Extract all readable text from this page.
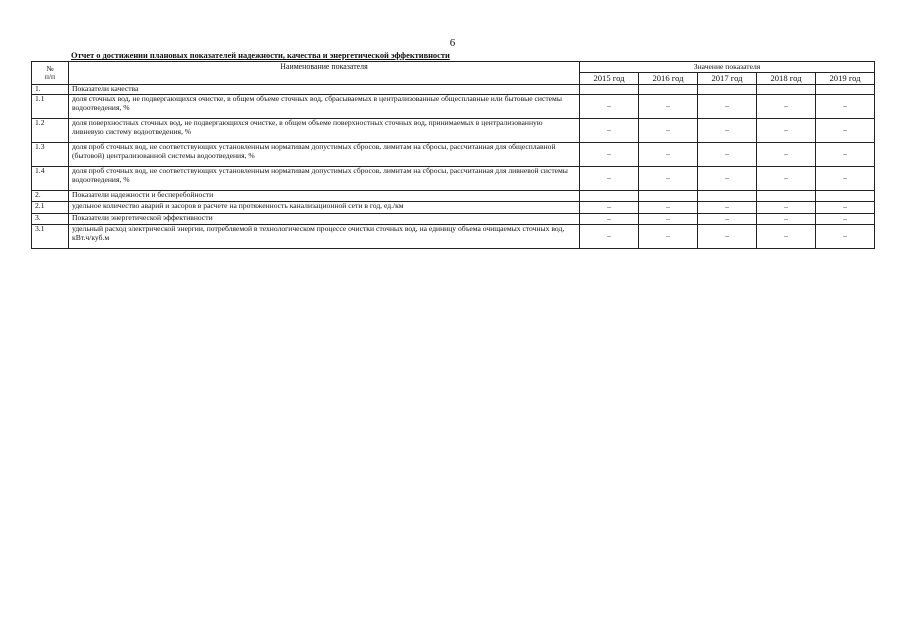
6
Отчет о достижении плановых показателей надежности, качества и энергетической эффективности
№
п/п	Наименование показателя	Значение показателя				
		2015 год	2016 год	2017 год	2018 год	2019 год
1.	Показатели качества					
1.1	доля сточных вод, не подвергающихся очистке, в общем объеме сточных вод, сбрасываемых в централизованные общесплавные или бытовые системы водоотведения, %	–	–	–	–	–
1.2	доля поверхностных сточных вод, не подвергающихся очистке, в общем объеме поверхностных сточных вод, принимаемых в централизованную ливневую систему водоотведения, %	–	–	–	–	–
1.3	доля проб сточных вод, не соответствующих установленным нормативам допустимых сбросов, лимитам на сбросы, рассчитанная для общесплавной (бытовой) централизованной системы водоотведения, %	–	–	–	–	–
1.4	доля проб сточных вод, не соответствующих установленным нормативам допустимых сбросов, лимитам на сбросы, рассчитанная для ливневой системы водоотведения, %	–	–	–	–	–
2.	Показатели надежности и бесперебойности					
2.1	удельное количество аварий и засоров в расчете на протяженность канализационной сети в год, ед./км	–	–	–	–	–
3.	Показатели энергетической эффективности	–	–	–	–	–
3.1	удельный расход электрической энергии, потребляемой в технологическом процессе очистки сточных вод, на единицу объема очищаемых сточных вод, кВт.ч/куб.м	–	–	–	–	–
